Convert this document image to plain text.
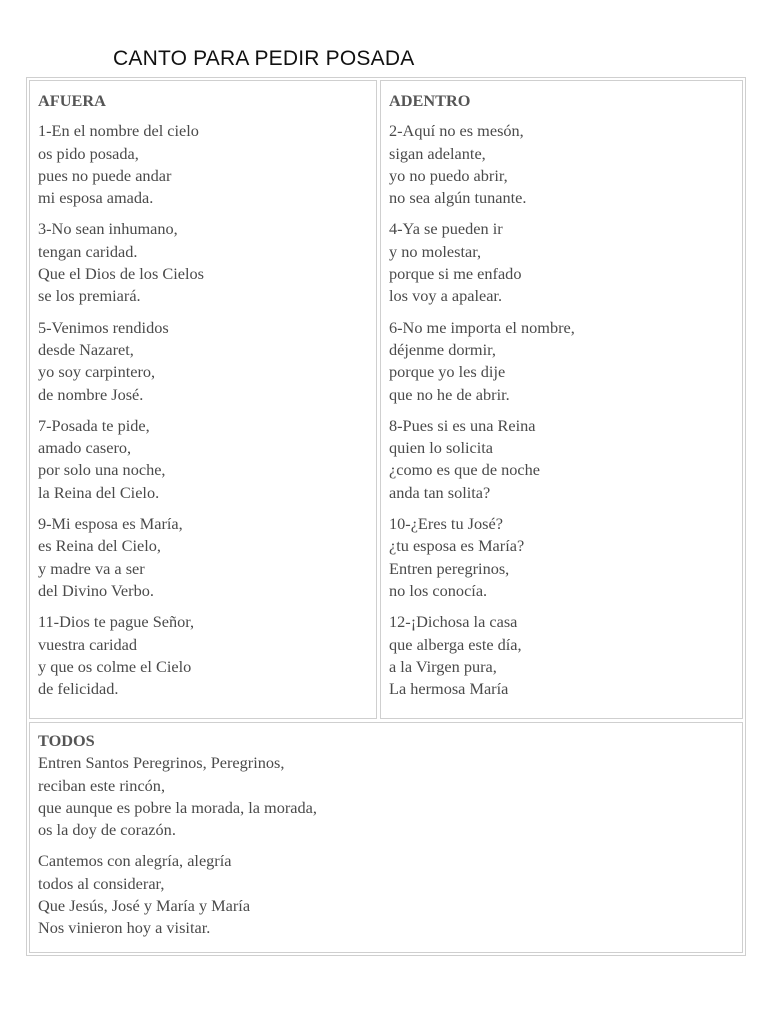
CANTO PARA PEDIR POSADA
AFUERA
1-En el nombre del cielo
os pido posada,
pues no puede andar
mi esposa amada.
3-No sean inhumano,
tengan caridad.
Que el Dios de los Cielos
se los premiará.
5-Venimos rendidos
desde Nazaret,
yo soy carpintero,
de nombre José.
7-Posada te pide,
amado casero,
por solo una noche,
la Reina del Cielo.
9-Mi esposa es María,
es Reina del Cielo,
y madre va a ser
del Divino Verbo.
11-Dios te pague Señor,
vuestra caridad
y que os colme el Cielo
de felicidad.
ADENTRO
2-Aquí no es mesón,
sigan adelante,
yo no puedo abrir,
no sea algún tunante.
4-Ya se pueden ir
y no molestar,
porque si me enfado
los voy a apalear.
6-No me importa el nombre,
déjenme dormir,
porque yo les dije
que no he de abrir.
8-Pues si es una Reina
quien lo solicita
¿como es que de noche
anda tan solita?
10-¿Eres tu José?
¿tu esposa es María?
Entren peregrinos,
no los conocía.
12-¡Dichosa la casa
que alberga este día,
a la Virgen pura,
La hermosa María
TODOS
Entren Santos Peregrinos, Peregrinos,
reciban este rincón,
que aunque es pobre la morada, la morada,
os la doy de corazón.
Cantemos con alegría, alegría
todos al considerar,
Que Jesús, José y María y María
Nos vinieron hoy a visitar.
